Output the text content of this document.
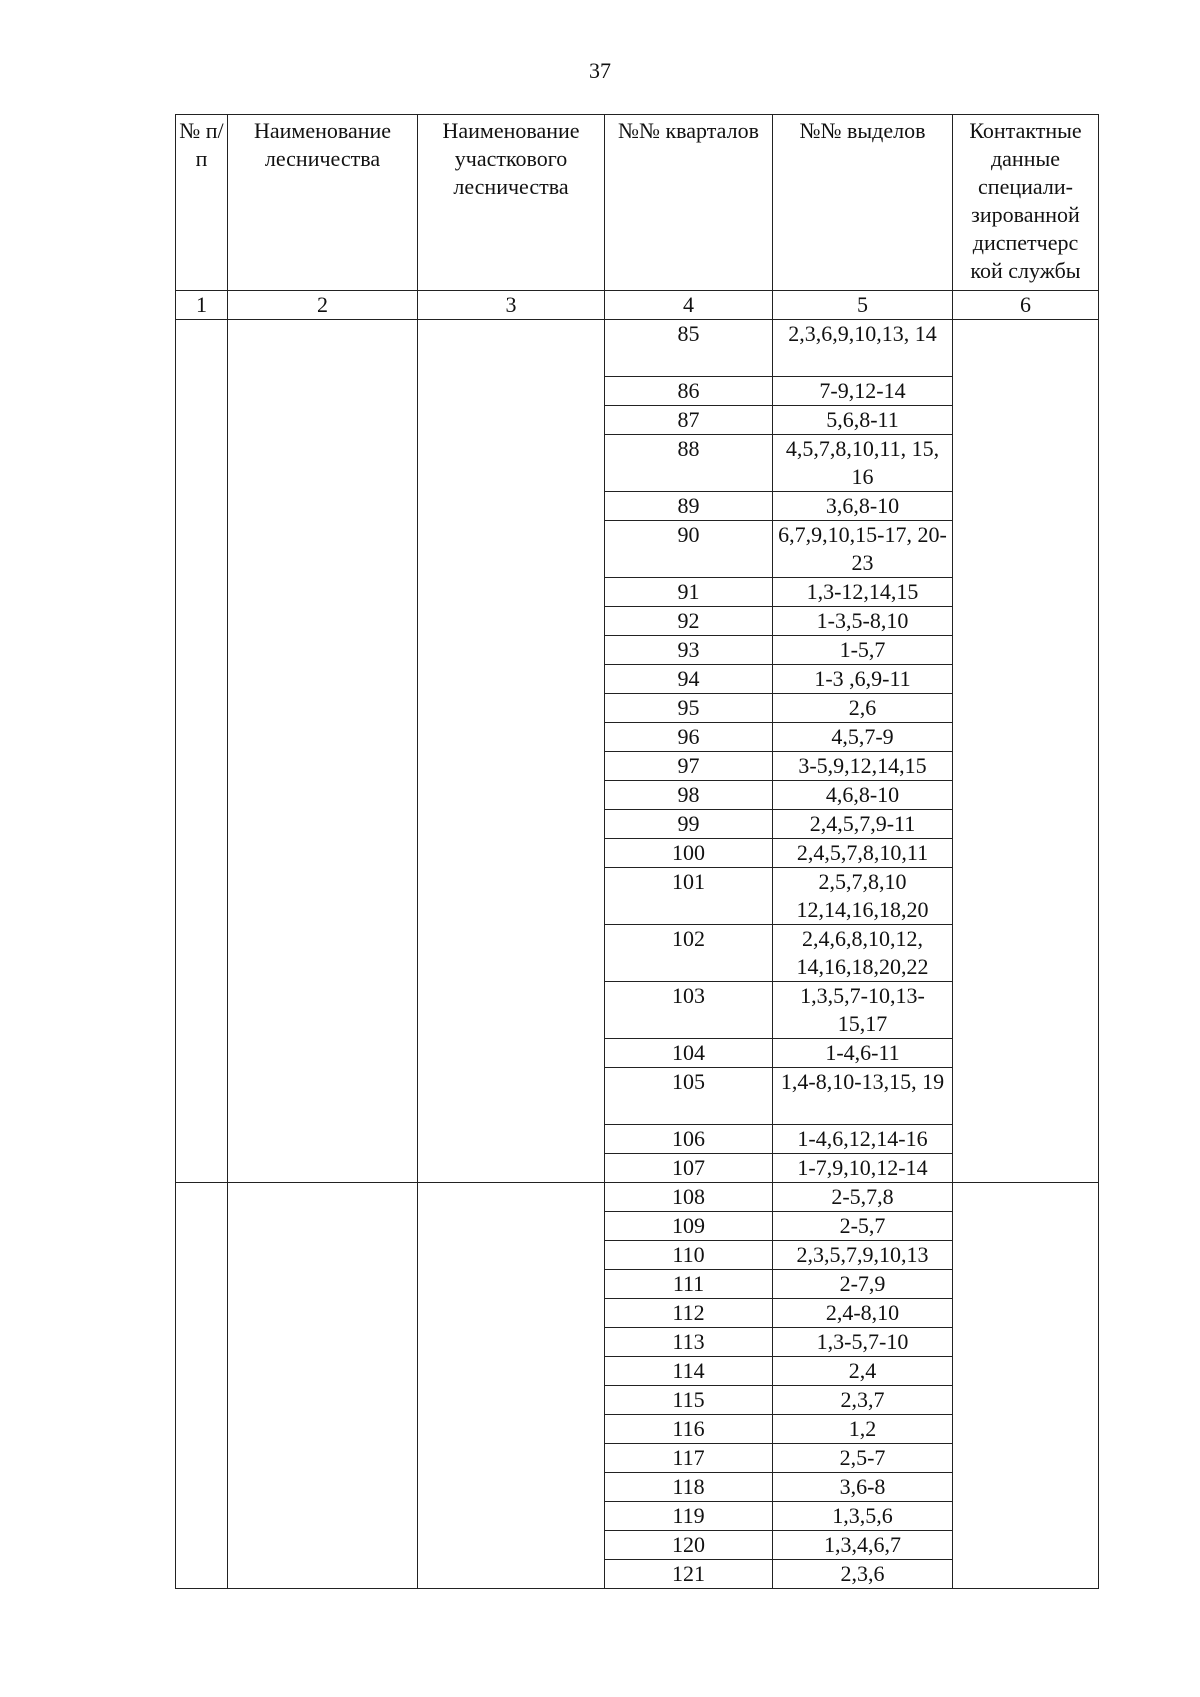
37
№ п/п	Наименование лесничества	Наименование участкового лесничества	№№ кварталов	№№ выделов	Контактные данные специали-зированной диспетчерс кой службы
1	2	3	4	5	6
			85	2,3,6,9,10,13, 14	
			86	7-9,12-14	
			87	5,6,8-11	
			88	4,5,7,8,10,11, 15, 16	
			89	3,6,8-10	
			90	6,7,9,10,15-17, 20-23	
			91	1,3-12,14,15	
			92	1-3,5-8,10	
			93	1-5,7	
			94	1-3 ,6,9-11	
			95	2,6	
			96	4,5,7-9	
			97	3-5,9,12,14,15	
			98	4,6,8-10	
			99	2,4,5,7,9-11	
			100	2,4,5,7,8,10,11	
			101	2,5,7,8,10 12,14,16,18,20	
			102	2,4,6,8,10,12, 14,16,18,20,22	
			103	1,3,5,7-10,13- 15,17	
			104	1-4,6-11	
			105	1,4-8,10-13,15, 19	
			106	1-4,6,12,14-16	
			107	1-7,9,10,12-14	
			108	2-5,7,8	
			109	2-5,7	
			110	2,3,5,7,9,10,13	
			111	2-7,9	
			112	2,4-8,10	
			113	1,3-5,7-10	
			114	2,4	
			115	2,3,7	
			116	1,2	
			117	2,5-7	
			118	3,6-8	
			119	1,3,5,6	
			120	1,3,4,6,7	
			121	2,3,6	
